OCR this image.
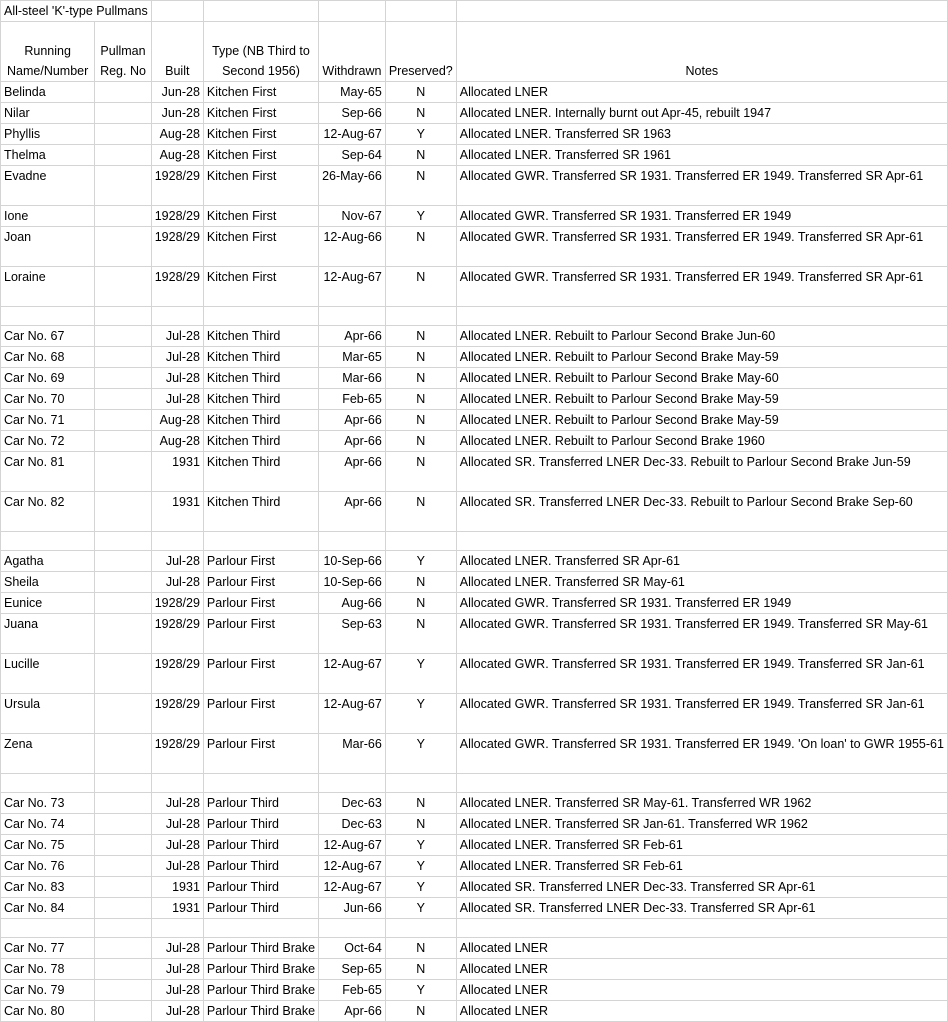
All-steel 'K'-type Pullmans						
Running Name/Number	Pullman Reg. No	Built	Type (NB Third to Second 1956)	Withdrawn	Preserved?	Notes
Belinda		Jun-28	Kitchen First	May-65	N	Allocated LNER
Nilar		Jun-28	Kitchen First	Sep-66	N	Allocated LNER. Internally burnt out Apr-45, rebuilt 1947
Phyllis		Aug-28	Kitchen First	12-Aug-67	Y	Allocated LNER. Transferred SR 1963
Thelma		Aug-28	Kitchen First	Sep-64	N	Allocated LNER. Transferred SR 1961
Evadne		1928/29	Kitchen First	26-May-66	N	Allocated GWR. Transferred SR 1931. Transferred ER 1949. Transferred SR Apr-61
Ione		1928/29	Kitchen First	Nov-67	Y	Allocated GWR. Transferred SR 1931. Transferred ER 1949
Joan		1928/29	Kitchen First	12-Aug-66	N	Allocated GWR. Transferred SR 1931. Transferred ER 1949. Transferred SR Apr-61
Loraine		1928/29	Kitchen First	12-Aug-67	N	Allocated GWR. Transferred SR 1931. Transferred ER 1949. Transferred SR Apr-61

Car No. 67		Jul-28	Kitchen Third	Apr-66	N	Allocated LNER. Rebuilt to Parlour Second Brake Jun-60
Car No. 68		Jul-28	Kitchen Third	Mar-65	N	Allocated LNER. Rebuilt to Parlour Second Brake May-59
Car No. 69		Jul-28	Kitchen Third	Mar-66	N	Allocated LNER. Rebuilt to Parlour Second Brake May-60
Car No. 70		Jul-28	Kitchen Third	Feb-65	N	Allocated LNER. Rebuilt to Parlour Second Brake May-59
Car No. 71		Aug-28	Kitchen Third	Apr-66	N	Allocated LNER. Rebuilt to Parlour Second Brake May-59
Car No. 72		Aug-28	Kitchen Third	Apr-66	N	Allocated LNER. Rebuilt to Parlour Second Brake 1960
Car No. 81		1931	Kitchen Third	Apr-66	N	Allocated SR. Transferred LNER Dec-33. Rebuilt to Parlour Second Brake Jun-59
Car No. 82		1931	Kitchen Third	Apr-66	N	Allocated SR. Transferred LNER Dec-33. Rebuilt to Parlour Second Brake Sep-60

Agatha		Jul-28	Parlour First	10-Sep-66	Y	Allocated LNER. Transferred SR Apr-61
Sheila		Jul-28	Parlour First	10-Sep-66	N	Allocated LNER. Transferred SR May-61
Eunice		1928/29	Parlour First	Aug-66	N	Allocated GWR. Transferred SR 1931. Transferred ER 1949
Juana		1928/29	Parlour First	Sep-63	N	Allocated GWR. Transferred SR 1931. Transferred ER 1949. Transferred SR May-61
Lucille		1928/29	Parlour First	12-Aug-67	Y	Allocated GWR. Transferred SR 1931. Transferred ER 1949. Transferred SR Jan-61
Ursula		1928/29	Parlour First	12-Aug-67	Y	Allocated GWR. Transferred SR 1931. Transferred ER 1949. Transferred SR Jan-61
Zena		1928/29	Parlour First	Mar-66	Y	Allocated GWR. Transferred SR 1931. Transferred ER 1949. 'On loan' to GWR 1955-61

Car No. 73		Jul-28	Parlour Third	Dec-63	N	Allocated LNER. Transferred SR May-61. Transferred WR 1962
Car No. 74		Jul-28	Parlour Third	Dec-63	N	Allocated LNER. Transferred SR Jan-61. Transferred WR 1962
Car No. 75		Jul-28	Parlour Third	12-Aug-67	Y	Allocated LNER. Transferred SR Feb-61
Car No. 76		Jul-28	Parlour Third	12-Aug-67	Y	Allocated LNER. Transferred SR Feb-61
Car No. 83		1931	Parlour Third	12-Aug-67	Y	Allocated SR. Transferred LNER Dec-33. Transferred SR Apr-61
Car No. 84		1931	Parlour Third	Jun-66	Y	Allocated SR. Transferred LNER Dec-33. Transferred SR Apr-61

Car No. 77		Jul-28	Parlour Third Brake	Oct-64	N	Allocated LNER
Car No. 78		Jul-28	Parlour Third Brake	Sep-65	N	Allocated LNER
Car No. 79		Jul-28	Parlour Third Brake	Feb-65	Y	Allocated LNER
Car No. 80		Jul-28	Parlour Third Brake	Apr-66	N	Allocated LNER
